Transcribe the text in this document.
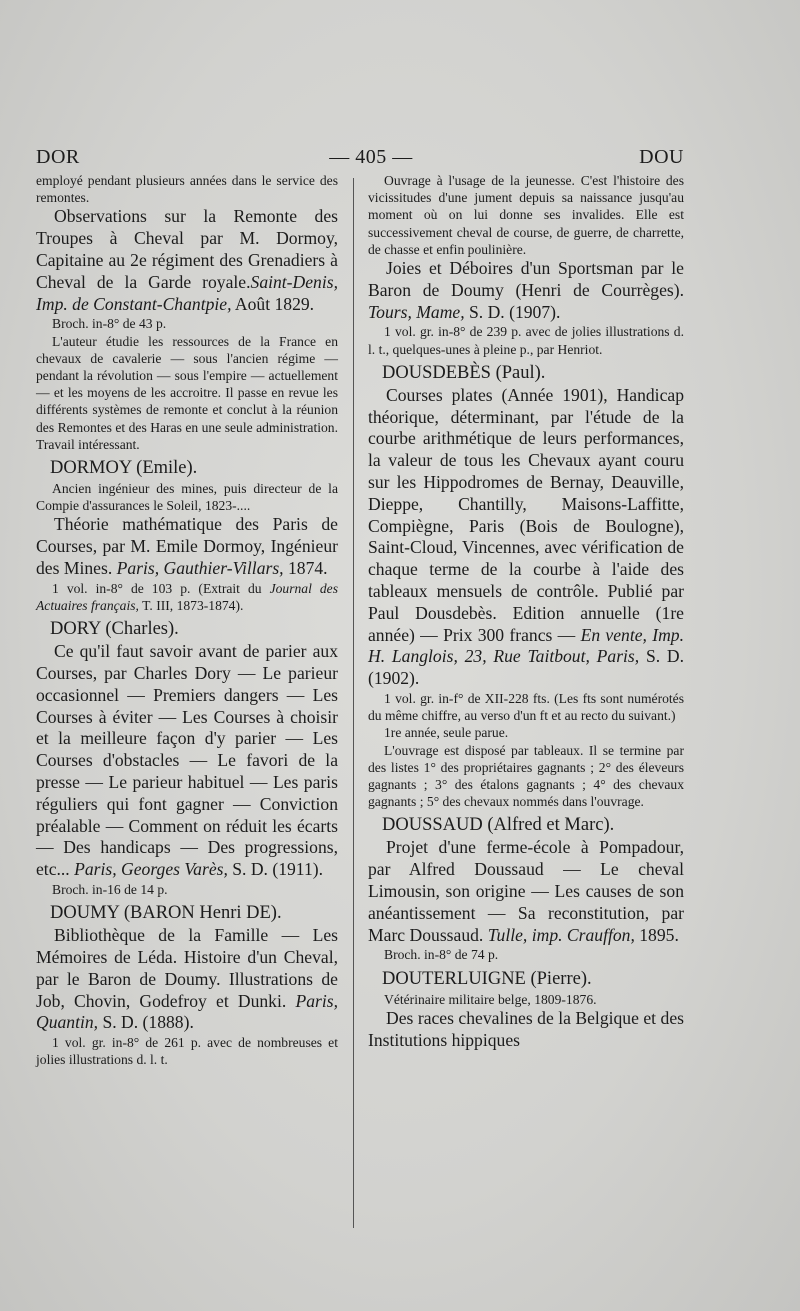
DOR	— 405 —	DOU

employé pendant plusieurs années dans le service des remontes.

Observations sur la Remonte des Troupes à Cheval par M. Dormoy, Capitaine au 2e régiment des Grenadiers à Cheval de la Garde royale.Saint-Denis, Imp. de Constant-Chantpie, Août 1829.

Broch. in-8° de 43 p.

L'auteur étudie les ressources de la France en chevaux de cavalerie — sous l'ancien régime — pendant la révolution — sous l'empire — actuellement — et les moyens de les accroitre. Il passe en revue les différents systèmes de remonte et conclut à la réunion des Remontes et des Haras en une seule administration. Travail intéressant.

DORMOY (Emile).

Ancien ingénieur des mines, puis directeur de la Compie d'assurances le Soleil, 1823-....

Théorie mathématique des Paris de Courses, par M. Emile Dormoy, Ingénieur des Mines. Paris, Gauthier-Villars, 1874.

1 vol. in-8° de 103 p. (Extrait du Journal des Actuaires français, T. III, 1873-1874).

DORY (Charles).

Ce qu'il faut savoir avant de parier aux Courses, par Charles Dory — Le parieur occasionnel — Premiers dangers — Les Courses à éviter — Les Courses à choisir et la meilleure façon d'y parier — Les Courses d'obstacles — Le favori de la presse — Le parieur habituel — Les paris réguliers qui font gagner — Conviction préalable — Comment on réduit les écarts — Des handicaps — Des progressions, etc... Paris, Georges Varès, S. D. (1911).

Broch. in-16 de 14 p.

DOUMY (BARON Henri DE).

Bibliothèque de la Famille — Les Mémoires de Léda. Histoire d'un Cheval, par le Baron de Doumy. Illustrations de Job, Chovin, Godefroy et Dunki. Paris, Quantin, S. D. (1888).

1 vol. gr. in-8° de 261 p. avec de nombreuses et jolies illustrations d. l. t.

Ouvrage à l'usage de la jeunesse. C'est l'histoire des vicissitudes d'une jument depuis sa naissance jusqu'au moment où on lui donne ses invalides. Elle est successivement cheval de course, de guerre, de charrette, de chasse et enfin poulinière.

Joies et Déboires d'un Sportsman par le Baron de Doumy (Henri de Courrèges). Tours, Mame, S. D. (1907).

1 vol. gr. in-8° de 239 p. avec de jolies illustrations d. l. t., quelques-unes à pleine p., par Henriot.

DOUSDEBÈS (Paul).

Courses plates (Année 1901), Handicap théorique, déterminant, par l'étude de la courbe arithmétique de leurs performances, la valeur de tous les Chevaux ayant couru sur les Hippodromes de Bernay, Deauville, Dieppe, Chantilly, Maisons-Laffitte, Compiègne, Paris (Bois de Boulogne), Saint-Cloud, Vincennes, avec vérification de chaque terme de la courbe à l'aide des tableaux mensuels de contrôle. Publié par Paul Dousdebès. Edition annuelle (1re année) — Prix 300 francs — En vente, Imp. H. Langlois, 23, Rue Taitbout, Paris, S. D. (1902).

1 vol. gr. in-f° de XII-228 fts. (Les fts sont numérotés du même chiffre, au verso d'un ft et au recto du suivant.)

1re année, seule parue.

L'ouvrage est disposé par tableaux. Il se termine par des listes 1° des propriétaires gagnants ; 2° des éleveurs gagnants ; 3° des étalons gagnants ; 4° des chevaux gagnants ; 5° des chevaux nommés dans l'ouvrage.

DOUSSAUD (Alfred et Marc).

Projet d'une ferme-école à Pompadour, par Alfred Doussaud — Le cheval Limousin, son origine — Les causes de son anéantissement — Sa reconstitution, par Marc Doussaud. Tulle, imp. Crauffon, 1895.

Broch. in-8° de 74 p.

DOUTERLUIGNE (Pierre).

Vétérinaire militaire belge, 1809-1876.

Des races chevalines de la Belgique et des Institutions hippiques
